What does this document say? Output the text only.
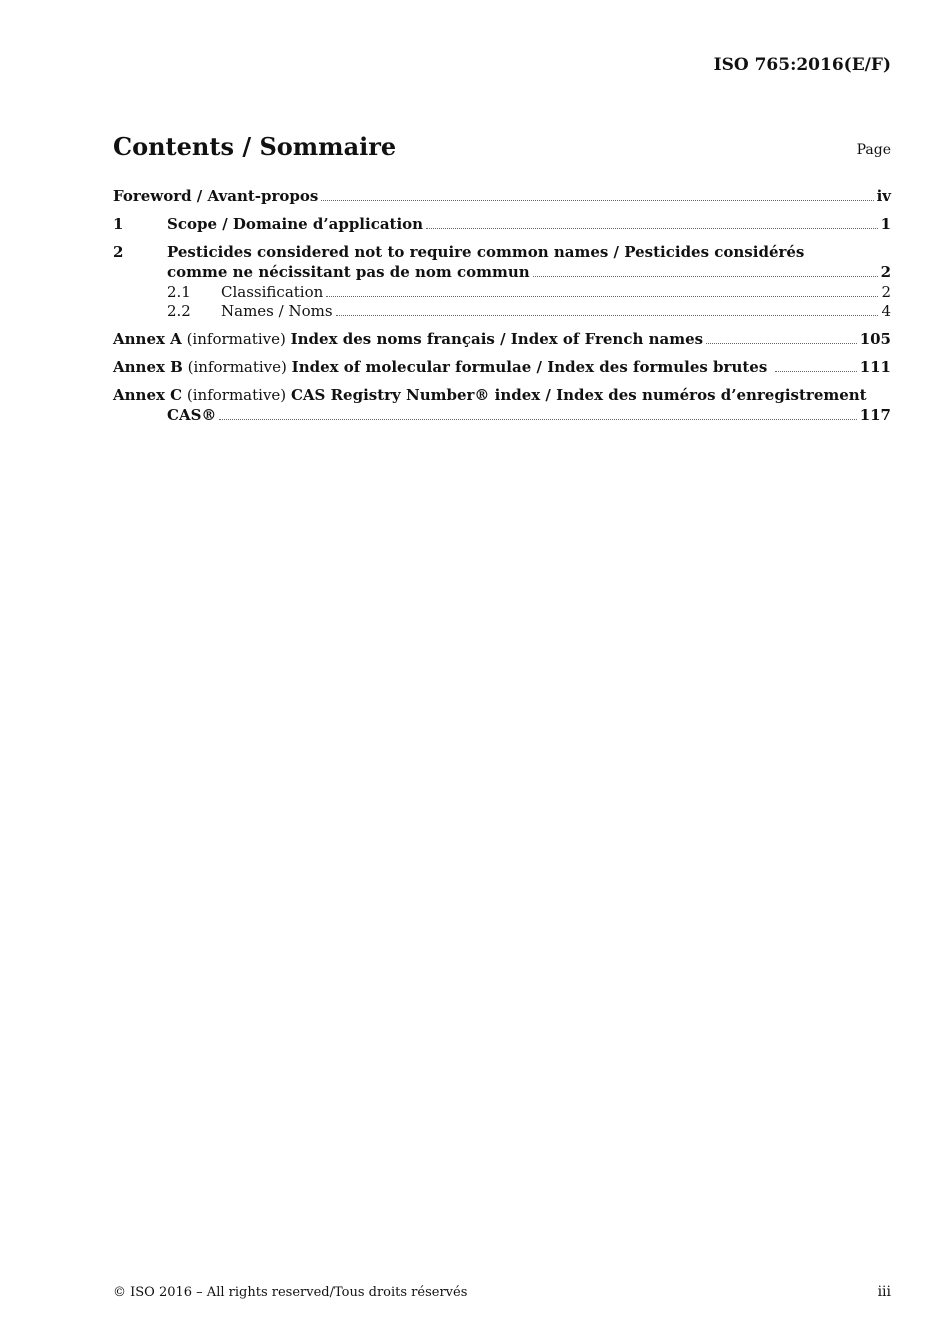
ISO 765:2016(E/F)
Contents / Sommaire	Page
Foreword / Avant-propos	iv
1	Scope / Domaine d’application	1
2	Pesticides considered not to require common names / Pesticides considérés
comme ne nécissitant pas de nom commun	2
2.1	Classification	2
2.2	Names / Noms	4
Annex A (informative) Index des noms français / Index of French names	105
Annex B (informative) Index of molecular formulae / Index des formules brutes	111
Annex C (informative) CAS Registry Number® index / Index des numéros d’enregistrement
CAS®	117
© ISO 2016 – All rights reserved/Tous droits réservés	iii
